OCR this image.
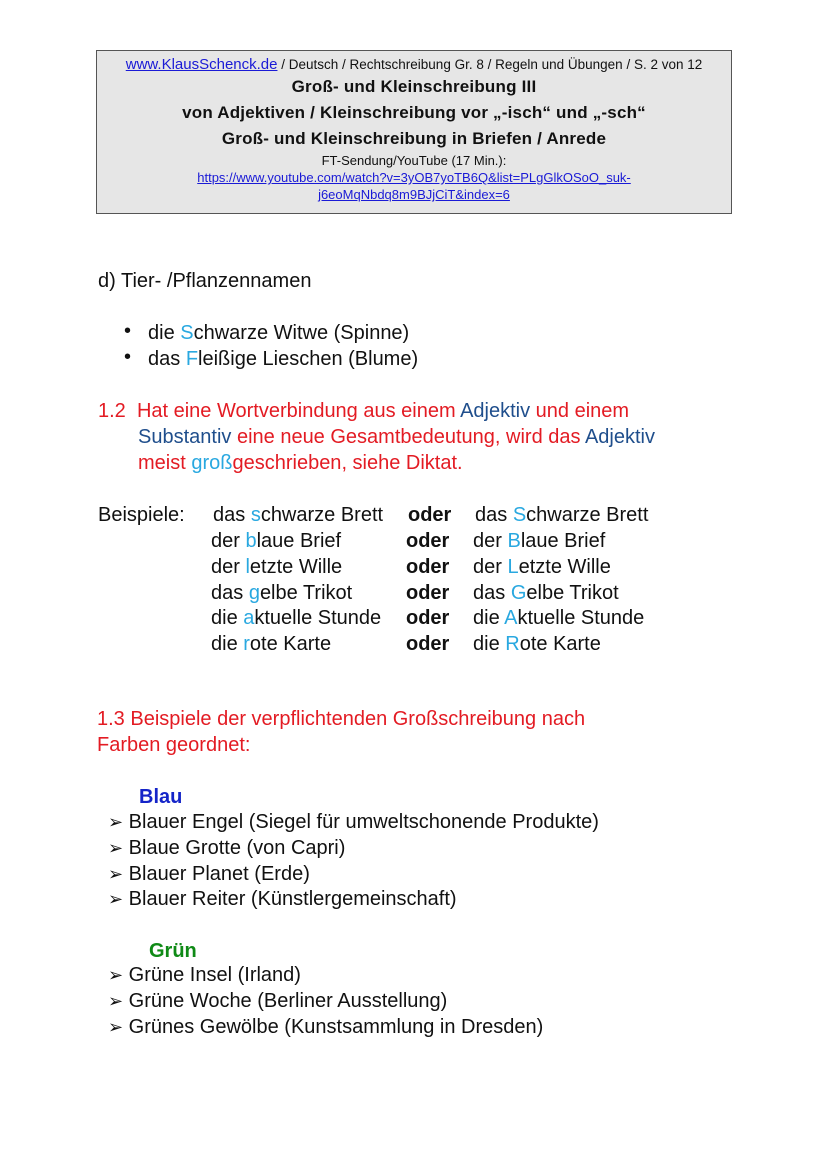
www.KlausSchenck.de / Deutsch / Rechtschreibung Gr. 8 / Regeln und Übungen / S. 2 von 12
Groß- und Kleinschreibung III
von Adjektiven / Kleinschreibung vor „-isch“ und „-sch“
Groß- und Kleinschreibung in Briefen / Anrede
FT-Sendung/YouTube (17 Min.):
https://www.youtube.com/watch?v=3yOB7yoTB6Q&list=PLgGlkOSoO_suk-
j6eoMqNbdq8m9BJjCiT&index=6
d) Tier- /Pflanzennamen
• die Schwarze Witwe (Spinne)
• das Fleißige Lieschen (Blume)
1.2 Hat eine Wortverbindung aus einem Adjektiv und einem
Substantiv eine neue Gesamtbedeutung, wird das Adjektiv
meist großgeschrieben, siehe Diktat.
Beispiele: das schwarze Brett oder das Schwarze Brett
der blaue Brief	oder der Blaue Brief
der letzte Wille	oder der Letzte Wille
das gelbe Trikot	oder das Gelbe Trikot
die aktuelle Stunde oder die Aktuelle Stunde
die rote Karte	oder die Rote Karte
1.3 Beispiele der verpflichtenden Großschreibung nach
Farben geordnet:
Blau
➢ Blauer Engel (Siegel für umweltschonende Produkte)
➢ Blaue Grotte (von Capri)
➢ Blauer Planet (Erde)
➢ Blauer Reiter (Künstlergemeinschaft)
Grün
➢ Grüne Insel (Irland)
➢ Grüne Woche (Berliner Ausstellung)
➢ Grünes Gewölbe (Kunstsammlung in Dresden)
